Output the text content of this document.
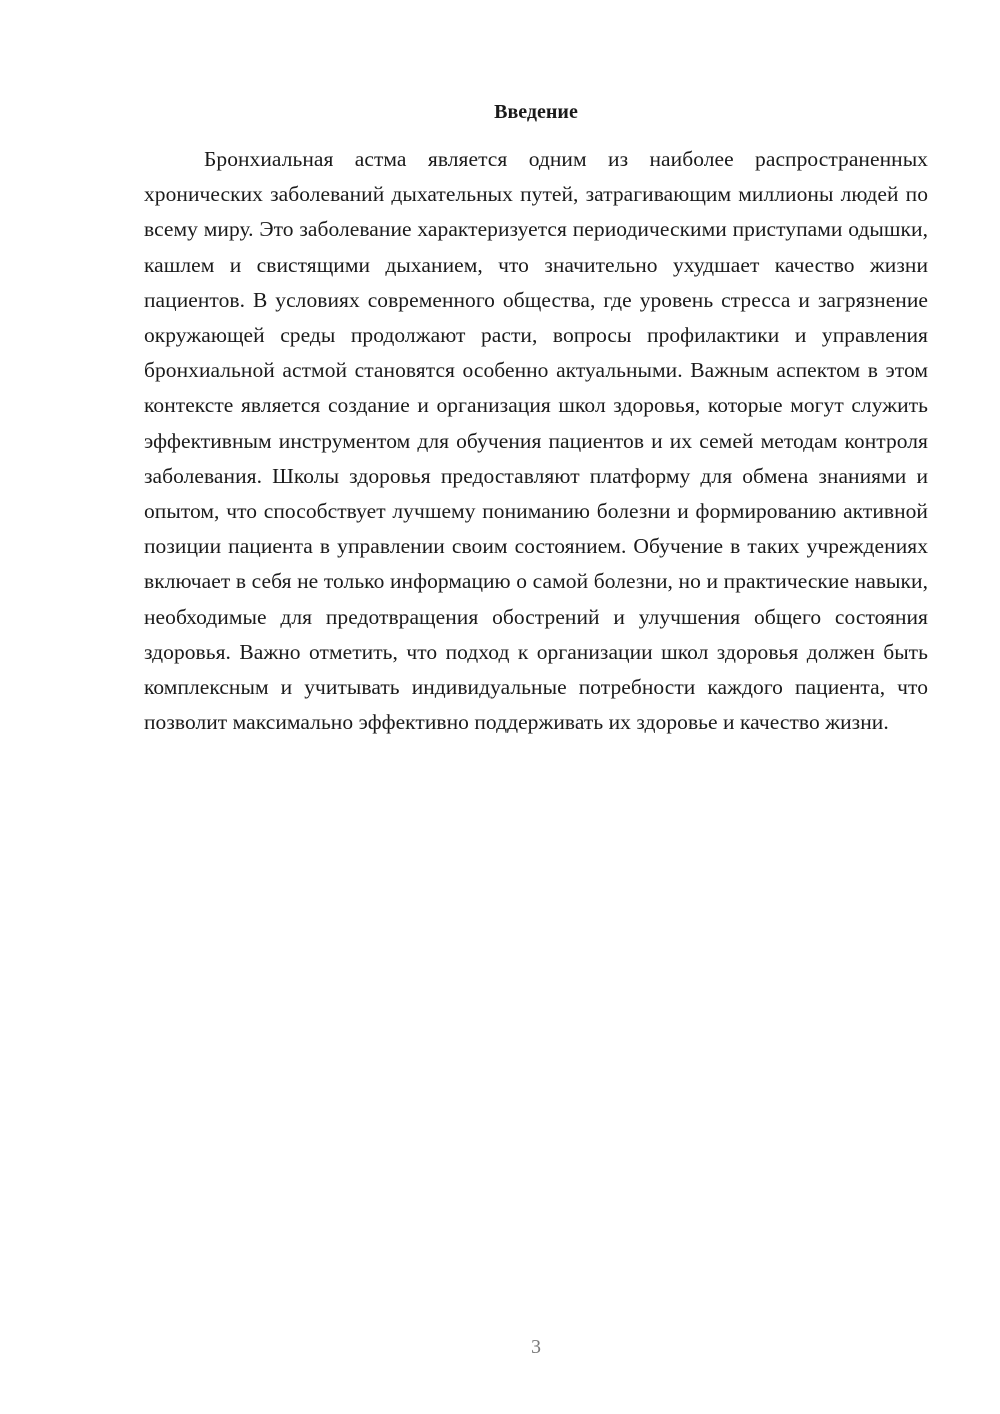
Введение

Бронхиальная астма является одним из наиболее распространенных хронических заболеваний дыхательных путей, затрагивающим миллионы людей по всему миру. Это заболевание характеризуется периодическими приступами одышки, кашлем и свистящими дыханием, что значительно ухудшает качество жизни пациентов. В условиях современного общества, где уровень стресса и загрязнение окружающей среды продолжают расти, вопросы профилактики и управления бронхиальной астмой становятся особенно актуальными. Важным аспектом в этом контексте является создание и организация школ здоровья, которые могут служить эффективным инструментом для обучения пациентов и их семей методам контроля заболевания. Школы здоровья предоставляют платформу для обмена знаниями и опытом, что способствует лучшему пониманию болезни и формированию активной позиции пациента в управлении своим состоянием. Обучение в таких учреждениях включает в себя не только информацию о самой болезни, но и практические навыки, необходимые для предотвращения обострений и улучшения общего состояния здоровья. Важно отметить, что подход к организации школ здоровья должен быть комплексным и учитывать индивидуальные потребности каждого пациента, что позволит максимально эффективно поддерживать их здоровье и качество жизни.

3
